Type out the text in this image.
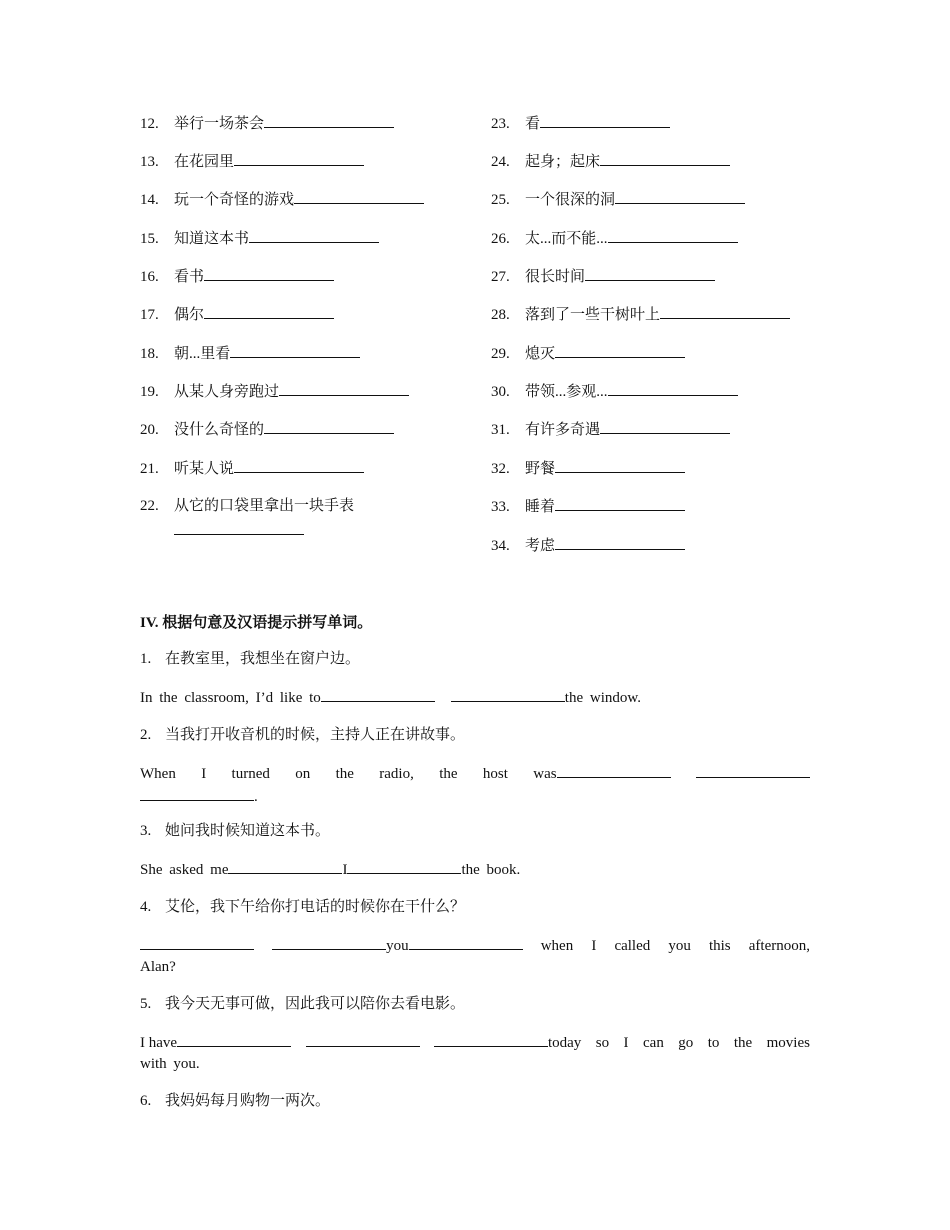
12. 举行一场茶会
13. 在花园里
14. 玩一个奇怪的游戏
15. 知道这本书
16. 看书
17. 偶尔
18. 朝...里看
19. 从某人身旁跑过
20. 没什么奇怪的
21. 听某人说
22. 从它的口袋里拿出一块手表
23. 看
24. 起身；起床
25. 一个很深的洞
26. 太...而不能...
27. 很长时间
28. 落到了一些干树叶上
29. 熄灭
30. 带领...参观...
31. 有许多奇遇
32. 野餐
33. 睡着
34. 考虑
IV. 根据句意及汉语提示拼写单词。
1. 在教室里，我想坐在窗户边。
In the classroom, I’d like to	the window.
2. 当我打开收音机的时候，主持人正在讲故事。
When I turned on the radio, the host was
.
3. 她问我时候知道这本书。
She asked me	I	the book.
4. 艾伦，我下午给你打电话的时候你在干什么？
you	when I called you this afternoon,
Alan?
5. 我今天无事可做，因此我可以陪你去看电影。
I have	today so I can go to the movies
with you.
6. 我妈妈每月购物一两次。
